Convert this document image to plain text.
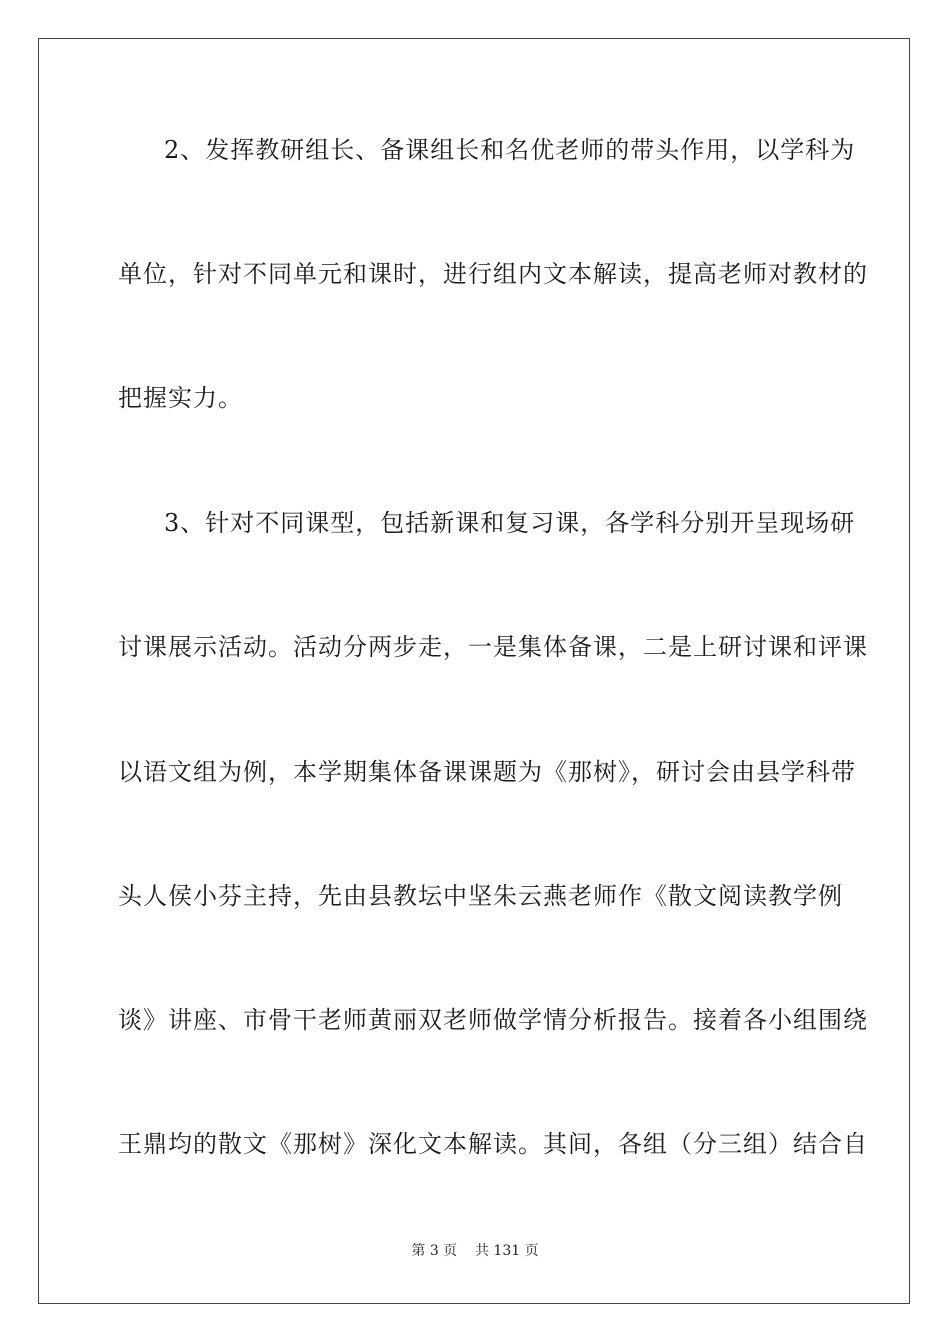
2、发挥教研组长、备课组长和名优老师的带头作用，以学科为
单位，针对不同单元和课时，进行组内文本解读，提高老师对教材的
把握实力。
3、针对不同课型，包括新课和复习课，各学科分别开呈现场研
讨课展示活动。活动分两步走，一是集体备课，二是上研讨课和评课
以语文组为例，本学期集体备课课题为《那树》，研讨会由县学科带
头人侯小芬主持，先由县教坛中坚朱云燕老师作《散文阅读教学例
谈》讲座、市骨干老师黄丽双老师做学情分析报告。接着各小组围绕
王鼎均的散文《那树》深化文本解读。其间，各组（分三组）结合自
第 3 页    共 131 页
